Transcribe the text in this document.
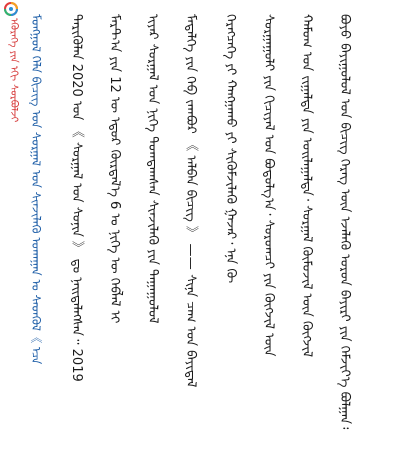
ᠡᠬᠦᠷᠡᠭᠡ ᠶᠢᠨ ᠡᠬᠢ ᠰᠤᠷᠪᠤᠯᠵᠢ ᠮᠣᠩᠭᠣᠯ ᠬᠡᠯᠡ ᠪᠢᠴᠢᠭ᠌ ᠤᠨ ᠰᠤᠷᠭᠠᠯ ᠤᠨ ᠰᠢᠨᠵᠢᠯᠡᠬᠦ ᠤᠬᠠᠭᠠᠨ ᠤ ᠰᠡᠳᠬᠦᠯ《 ᠡᠴᠡ ᠲᠡᠷᠢᠬᠦᠯᠡᠨ 2020 ᠤᠨ 《 ᠰᠤᠷᠭᠠᠯ ᠤᠨ ᠰᠣᠨᠢᠨ 》 ᠳᠤ ᠨᠡᠢᠲᠡᠯᠡᠭᠰᠡᠨ᠃ 2019 ᠮᠠᠷᠲ᠎ᠠ ᠶᠢᠨ 12 ᠦ ᠡᠳᠦᠷ ᠬᠦᠷᠲᠡᠯ᠎ᠡ 6 ᠤ ᠨᠢᠭᠡ ᠦ ᠬᠡᠪᠯᠡᠯ ᠢ ᠢᠶᠡᠷ ᠰᠤᠷᠭᠠᠯ ᠤᠨ ᠨᠢᠭᠡ ᠲᠣᠭᠲᠠᠭᠰᠠᠨ ᠰᠢᠨᠵᠢᠯᠡᠬᠦ ᠶᠢᠨ ᠳᠠᠭᠠᠭᠤᠯᠤᠯ ᠮᠡᠳᠡᠯᠭᠡ ᠶᠢᠨ ᠬᠡᠪ ᠵᠠᠭᠪᠤᠷ 《 ᠠᠯᠪᠠᠨ ᠪᠢᠴᠢᠭ 》 —— ᠰᠢᠨᠡ ᠴᠠᠭ ᠤᠨ ᠪᠠᠶᠢᠳᠠᠯ ᠬᠡᠷᠡᠭᠴᠡᠭᠡ ᠶᠢ ᠬᠠᠩᠭᠠᠬᠤ ᠶᠢ ᠰᠢᠭᠦᠮᠵᠢᠯᠡᠬᠦ ᠭᠠᠵᠠᠷ᠂ ᠡᠨᠡ ᠬᠦ ᠰᠤᠷᠭᠠᠭᠤᠯᠢ ᠶᠢᠨ ᠬᠢᠴᠢᠶᠡᠯ ᠤᠨ ᠪᠣᠳᠣᠯᠭ᠎ᠠ᠂ ᠰᠤᠷᠤᠭᠴᠢ ᠶᠢᠨ ᠬᠥᠭᠵᠢᠯ ᠦᠨ ᠬᠠᠮᠤᠭ ᠤᠨ ᠵᠢᠭᠠᠯᠲᠠ ᠶᠢᠨ ᠣᠢᠯᠠᠭᠠᠯᠲᠠ᠂ ᠰᠤᠷᠭᠠᠯ ᠬᠦᠮᠦᠵᠢᠯ ᠦᠨ ᠬᠦᠭᠵᠢᠯ ᠪᠤᠶᠤ ᠪᠠᠶᠢᠭᠤᠯᠤᠯ ᠤᠨ ᠪᠢᠴᠢᠭ ᠬᠡᠷᠡᠭ ᠦᠨ ᠡᠵᠡᠯᠡᠬᠦ ᠣᠷᠣᠨ ᠪᠠᠶᠢᠷᠢ ᠶᠢᠨ ᠬᠡᠮᠵᠢᠶ᠎ᠡ ᠪᠣᠯᠭᠠᠨ᠄
